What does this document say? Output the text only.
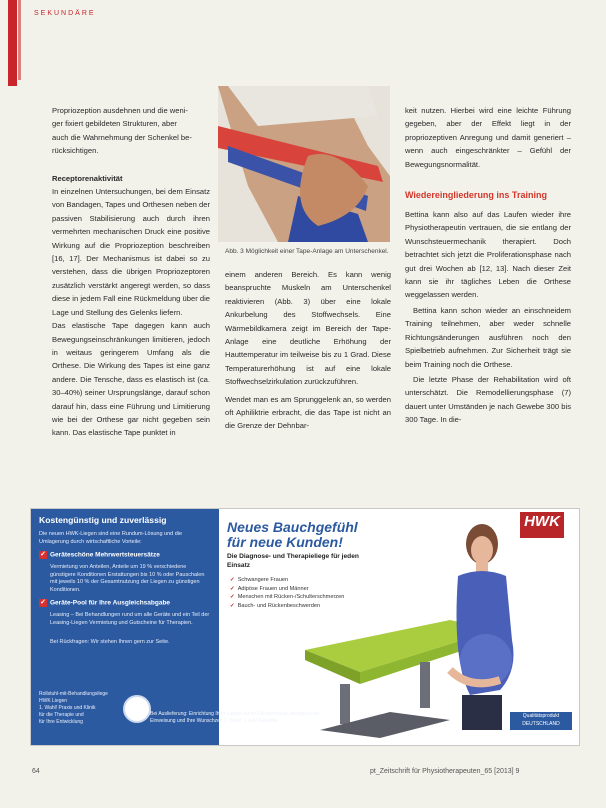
SEKUNDÄRE

Propriozeption ausdehnen und die weni-
ger fixiert gebildeten Strukturen, aber
auch die Wahrnehmung der Schenkel be-
rücksichtigen.

Receptorenaktivität

In einzelnen Untersuchungen, bei dem Einsatz von Bandagen, Tapes und Orthesen neben der passiven Stabilisierung auch durch ihren vermehrten mechanischen Druck eine positive Wirkung auf die Propriozeption beschreiben [16, 17]. Der Mechanismus ist dabei so zu verstehen, dass die übrigen Propriozeptoren zusätzlich verstärkt angeregt werden, so dass diese in jedem Fall eine Rückmeldung über die Lage und Stellung des Gelenks liefern.

Das elastische Tape dagegen kann auch Bewegungseinschränkungen limitieren, jedoch in weitaus geringerem Umfang als die Orthese. Die Wirkung des Tapes ist eine ganz andere. Die Tensche, dass es elastisch ist (ca. 30–40%) seiner Ursprungslänge, darauf schon darauf hin, dass eine Führung und Limitierung wie bei der Orthese gar nicht gegeben sein kann. Das elastische Tape punktet in

Abb. 3 Möglichkeit einer Tape-Anlage am Unterschenkel.

einem anderen Bereich. Es kann wenig beanspruchte Muskeln am Unterschenkel reaktivieren (Abb. 3) über eine lokale Ankurbelung des Stoffwechsels. Eine Wärmebildkamera zeigt im Bereich der Tape-Anlage eine deutliche Erhöhung der Hauttemperatur im teilweise bis zu 1 Grad. Diese Temperaturerhöhung ist auf eine lokale Stoffwechselzirkulation zurückzuführen.

Wendet man es am Sprunggelenk an, so werden oft Aphiliktrie erbracht, die das Tape ist nicht an die Grenze der Dehnbar-

keit nutzen. Hierbei wird eine leichte Führung gegeben, aber der Effekt liegt in der propriozeptiven Anregung und damit generiert – wenn auch eingeschränkter – Gefühl der Bewegungsnormalität.

Wiedereingliederung ins Training

Bettina kann also auf das Laufen wieder ihre Physiotherapeutin vertrauen, die sie entlang der Wunschsteuermechanik therapiert. Doch betrachtet sich jetzt die Proliferationsphase nach gut drei Wochen ab [12, 13]. Nach dieser Zeit kann sie ihr tägliches Leben die Orthese weggelassen werden.

Bettina kann schon wieder an einschneidem Training teilnehmen, aber weder schnelle Richtungsänderungen ausführen noch den Spielbetrieb aufnehmen. Zur Sicherheit trägt sie beim Training noch die Orthese.

Die letzte Phase der Rehabilitation wird oft unterschätzt. Die Remodellierungsphase (7) dauert unter Umständen je nach Gewebe 300 bis 300 Tage. In die-

Kostengünstig und zuverlässig
Die neuen HWK-Liegen sind eine Rundum-Lösung und die Umlagerung durch wirtschaftliche Vorteile:
✓ Geräteschöne Mehrwertsteuersätze
Vermietung von Anteilen, Anteile um 19 % verschiedene günstigere Konditionen Erstattungen bis 10 % oder Pauschalen mit jeweils 10 % der Gesamtnutzung der Liegen zu günstigen Konditionen.
✓ Geräte-Pool für Ihre Ausgleichsabgabe
Leasing – Bei Behandlungen rund um alle Geräte und ein Teil der Leasing-Liegen Vermietung und Gutscheine für Therapien.
Bei Rückfragen: Wir stehen Ihnen gern zur Seite.
Rollstuhl-mit-Behandlungsliege
HWK Liegen
1. Wahl! Praxis und Klinik
für die Therapie und
für Ihre Entwicklung
Bei Auslieferung: Einrichtung Ihrer Liegen durch Fachpersonal, fachgerechte Einweisung und Ihre Wunschzeit 1. Wahl! 1 Jahr Garantie.
Neues Bauchgefühl für neue Kunden!
Die Diagnose- und Therapieliege für jeden Einsatz
✓ Schwangere Frauen
✓ Adipöse Frauen und Männer
✓ Menschen mit Rücken-/Schulterschmerzen
✓ Bauch- und Rückenbeschwerden
HWK
ORTHOPÄDIE
Qualitätsprodukt
DEUTSCHLAND
64	pt_Zeitschrift für Physiotherapeuten_65 [2013] 9
